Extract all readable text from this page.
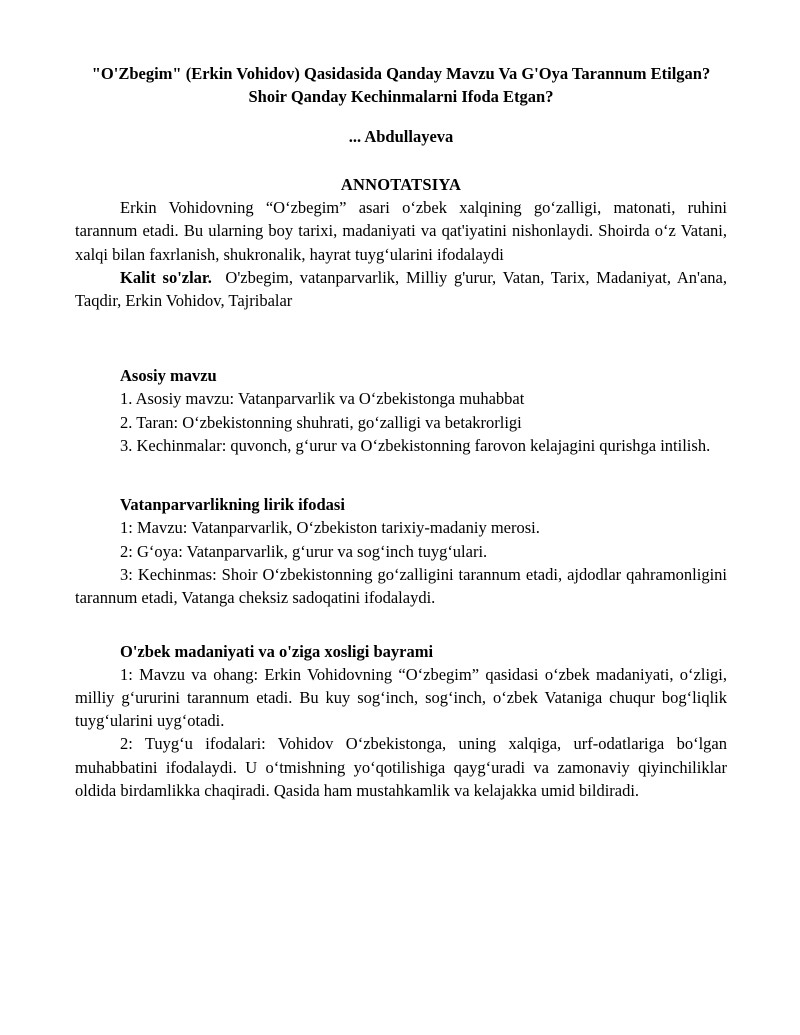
"O'Zbegim" (Erkin Vohidov) Qasidasida Qanday Mavzu Va G'Oya Tarannum Etilgan? Shoir Qanday Kechinmalarni Ifoda Etgan?
... Abdullayeva
ANNOTATSIYA

Erkin Vohidovning “O‘zbegim” asari o‘zbek xalqining go‘zalligi, matonati, ruhini tarannum etadi. Bu ularning boy tarixi, madaniyati va qat'iyatini nishonlaydi. Shoirda o‘z Vatani, xalqi bilan faxrlanish, shukronalik, hayrat tuyg‘ularini ifodalaydi

Kalit so'zlar. O'zbegim, vatanparvarlik, Milliy g'urur, Vatan, Tarix, Madaniyat, An'ana, Taqdir, Erkin Vohidov, Tajribalar

Asosiy mavzu

1. Asosiy mavzu: Vatanparvarlik va O‘zbekistonga muhabbat

2. Taran: O‘zbekistonning shuhrati, go‘zalligi va betakrorligi

3. Kechinmalar: quvonch, g‘urur va O‘zbekistonning farovon kelajagini qurishga intilish.

Vatanparvarlikning lirik ifodasi

1: Mavzu: Vatanparvarlik, O‘zbekiston tarixiy-madaniy merosi.

2: G‘oya: Vatanparvarlik, g‘urur va sog‘inch tuyg‘ulari.

3: Kechinmas: Shoir O‘zbekistonning go‘zalligini tarannum etadi, ajdodlar qahramonligini tarannum etadi, Vatanga cheksiz sadoqatini ifodalaydi.

O'zbek madaniyati va o'ziga xosligi bayrami

1: Mavzu va ohang: Erkin Vohidovning “O‘zbegim” qasidasi o‘zbek madaniyati, o‘zligi, milliy g‘ururini tarannum etadi. Bu kuy sog‘inch, sog‘inch, o‘zbek Vataniga chuqur bog‘liqlik tuyg‘ularini uyg‘otadi.

2: Tuyg‘u ifodalari: Vohidov O‘zbekistonga, uning xalqiga, urf-odatlariga bo‘lgan muhabbatini ifodalaydi. U o‘tmishning yo‘qotilishiga qayg‘uradi va zamonaviy qiyinchiliklar oldida birdamlikka chaqiradi. Qasida ham mustahkamlik va kelajakka umid bildiradi.
